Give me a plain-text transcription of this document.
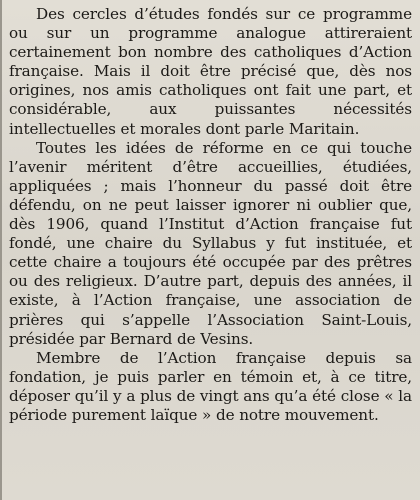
Des cercles d’études fondés sur ce programme ou sur un programme analogue attireraient certainement bon nombre des catholiques d’Action française. Mais il doit être précisé que, dès nos origines, nos amis catholiques ont fait une part, et considérable, aux puissantes nécessités intellectuelles et morales dont parle Maritain.

Toutes les idées de réforme en ce qui touche l’avenir méritent d’être accueillies, étudiées, appliquées ; mais l’honneur du passé doit être défendu, on ne peut laisser ignorer ni oublier que, dès 1906, quand l’Institut d’Action française fut fondé, une chaire du Syllabus y fut instituée, et cette chaire a toujours été occupée par des prêtres ou des religieux. D’autre part, depuis des années, il existe, à l’Action française, une association de prières qui s’appelle l’Association Saint-Louis, présidée par Bernard de Vesins.

Membre de l’Action française depuis sa fondation, je puis parler en témoin et, à ce titre, déposer qu’il y a plus de vingt ans qu’a été close « la période purement laïque » de notre mouvement.
